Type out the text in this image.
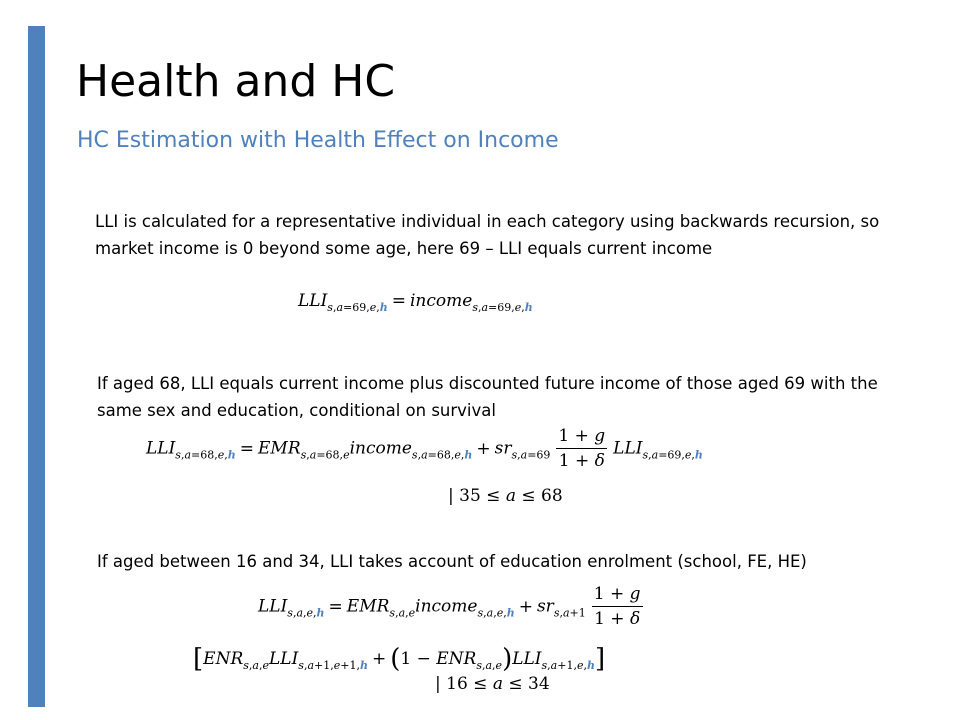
Health and HC
HC Estimation with Health Effect on Income
LLI is calculated for a representative individual in each category using backwards recursion, so market income is 0 beyond some age, here 69 – LLI equals current income
$LLI_{s,a=69,e,h}$ = income$_{s,a=69,e,h}$
If aged 68, LLI equals current income plus discounted future income of those aged 69 with the same sex and education, conditional on survival
$LLI_{s,a=68,e,h}$ = $EMR_{s,a=68,e}income_{s,a=68,e,h} + sr_{s,a=69} \frac{1 + g}{1 + \delta} LLI_{s,a=69,e,h}$
| 35 ≤ a ≤ 68
If aged between 16 and 34, LLI takes account of education enrolment (school, FE, HE)
$LLI_{s,a,e,h}$ = $EMR_{s,a,e}income_{s,a,e,h} + sr_{s,a+1} \frac{1 + g}{1 + \delta}$
$[ENR_{s,a,e}LLI_{s,a+1,e+1,h} + (1 - ENR_{s,a,e})LLI_{s,a+1,e,h}]$
| 16 ≤ a ≤ 34
